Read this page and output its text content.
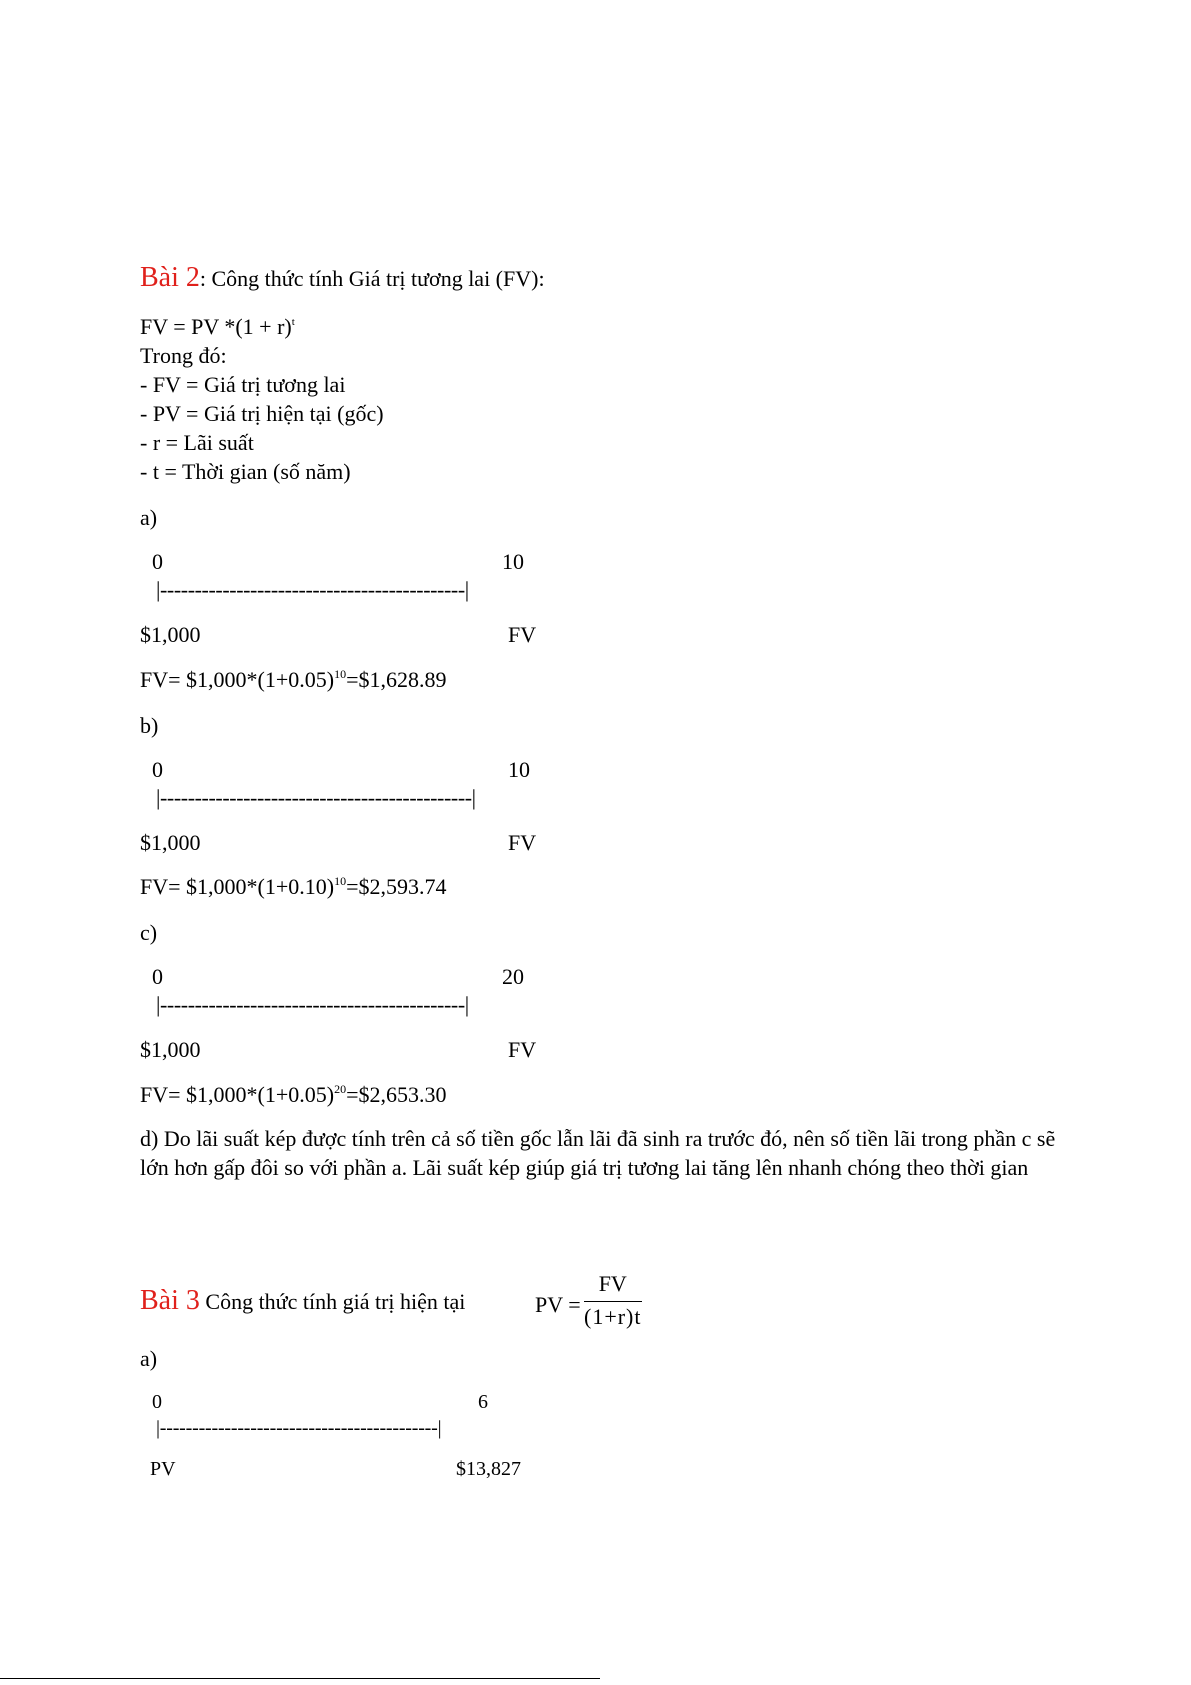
Bài 2: Công thức tính Giá trị tương lai (FV):
FV = PV $*(1 + r)^t$
Trong đó:
- FV = Giá trị tương lai
- PV = Giá trị hiện tại (gốc)
- r = Lãi suất
- t = Thời gian (số năm)
a)
0	10
|--------------------------------------------|
$1,000	FV
$FV= \$1,000*(1+0.05)^{10}=\$1,628.89$
b)
0	10
|---------------------------------------------|
$1,000	FV
$FV= \$1,000*(1+0.10)^{10}=\$2,593.74$
c)
0	20
|--------------------------------------------|
$1,000	FV
$FV= \$1,000*(1+0.05)^{20}=\$2,653.30$
d) Do lãi suất kép được tính trên cả số tiền gốc lẫn lãi đã sinh ra trước đó, nên số tiền lãi trong phần c sẽ lớn hơn gấp đôi so với phần a. Lãi suất kép giúp giá trị tương lai tăng lên nhanh chóng theo thời gian
Bài 3 Công thức tính giá trị hiện tại	PV = $\frac{FV}{(1+r)t}$
a)
0	6
|-------------------------------------------|
PV	$13,827
